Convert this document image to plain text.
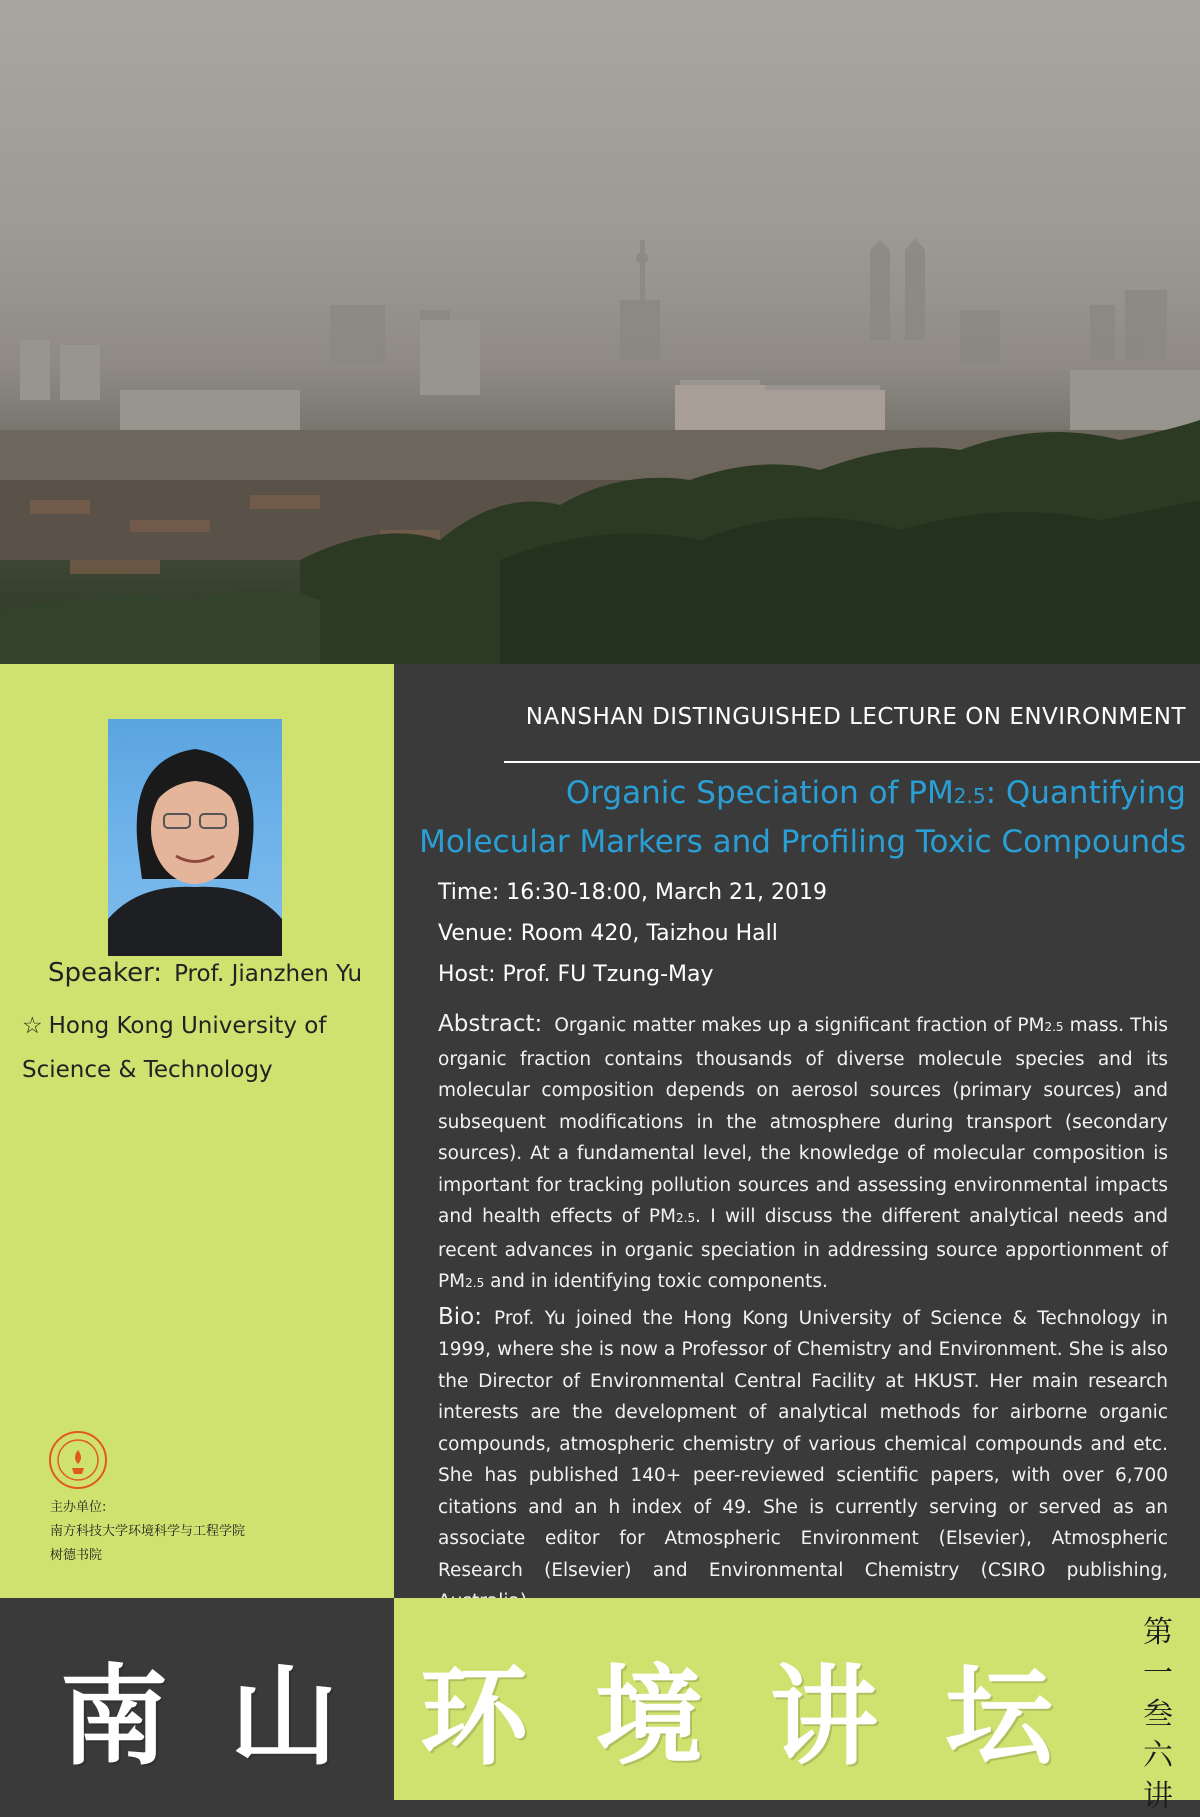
Speaker: Prof. Jianzhen Yu
☆ Hong Kong University of Science & Technology
主办单位:
南方科技大学环境科学与工程学院
树德书院
NANSHAN DISTINGUISHED LECTURE ON ENVIRONMENT
Organic Speciation of PM2.5: Quantifying
Molecular Markers and Profiling Toxic Compounds
Time: 16:30-18:00, March 21, 2019
Venue: Room 420, Taizhou Hall
Host: Prof. FU Tzung-May
Abstract: Organic matter makes up a significant fraction of PM2.5 mass. This organic fraction contains thousands of diverse molecule species and its molecular composition depends on aerosol sources (primary sources) and subsequent modifications in the atmosphere during transport (secondary sources). At a fundamental level, the knowledge of molecular composition is important for tracking pollution sources and assessing environmental impacts and health effects of PM2.5. I will discuss the different analytical needs and recent advances in organic speciation in addressing source apportionment of PM2.5 and in identifying toxic components.
Bio: Prof. Yu joined the Hong Kong University of Science & Technology in 1999, where she is now a Professor of Chemistry and Environment. She is also the Director of Environmental Central Facility at HKUST. Her main research interests are the development of analytical methods for airborne organic compounds, atmospheric chemistry of various chemical compounds and etc. She has published 140+ peer-reviewed scientific papers, with over 6,700 citations and an h index of 49. She is currently serving or served as an associate editor for Atmospheric Environment (Elsevier), Atmospheric Research (Elsevier) and Environmental Chemistry (CSIRO publishing,
南 山 环 境 讲 坛
第
一
叁
六
讲
